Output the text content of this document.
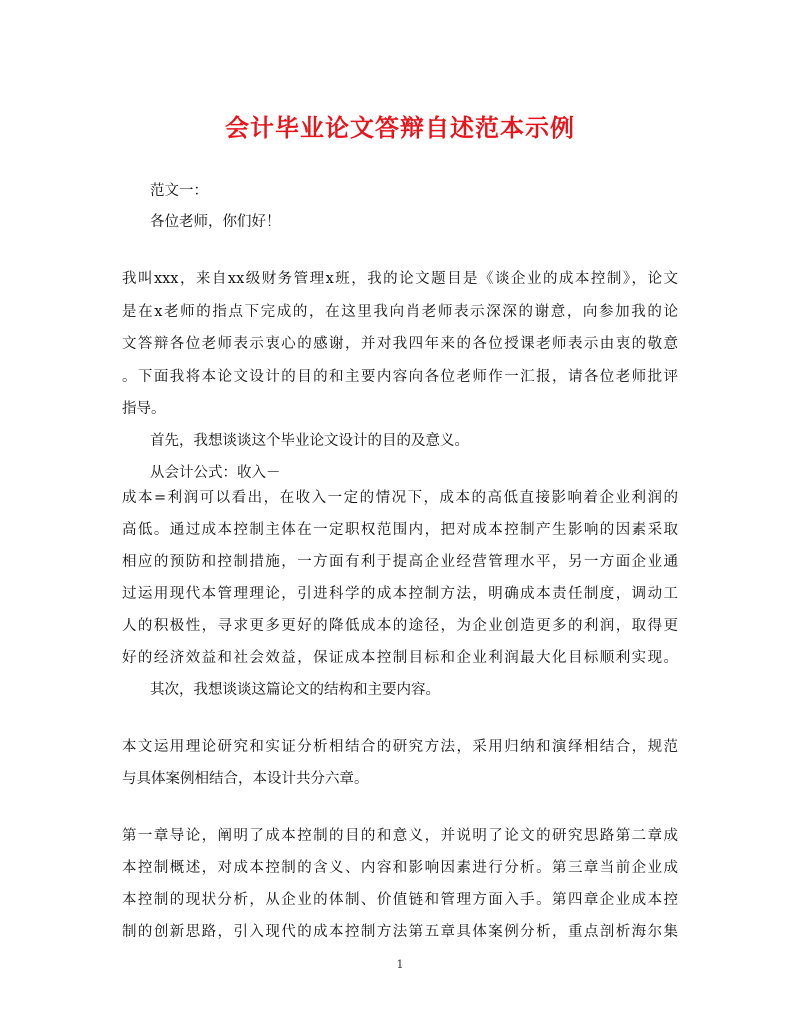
会计毕业论文答辩自述范本示例
范文一：
各位老师，你们好！
我叫xxx，来自xx级财务管理x班，我的论文题目是《谈企业的成本控制》，论文
是在x老师的指点下完成的，在这里我向肖老师表示深深的谢意，向参加我的论
文答辩各位老师表示衷心的感谢，并对我四年来的各位授课老师表示由衷的敬意
。下面我将本论文设计的目的和主要内容向各位老师作一汇报，请各位老师批评
指导。
首先，我想谈谈这个毕业论文设计的目的及意义。
从会计公式：收入－
成本=利润可以看出，在收入一定的情况下，成本的高低直接影响着企业利润的
高低。通过成本控制主体在一定职权范围内，把对成本控制产生影响的因素采取
相应的预防和控制措施，一方面有利于提高企业经营管理水平，另一方面企业通
过运用现代本管理理论，引进科学的成本控制方法，明确成本责任制度，调动工
人的积极性，寻求更多更好的降低成本的途径，为企业创造更多的利润，取得更
好的经济效益和社会效益，保证成本控制目标和企业利润最大化目标顺利实现。
其次，我想谈谈这篇论文的结构和主要内容。
本文运用理论研究和实证分析相结合的研究方法，采用归纳和演绎相结合，规范
与具体案例相结合，本设计共分六章。
第一章导论，阐明了成本控制的目的和意义，并说明了论文的研究思路第二章成
本控制概述，对成本控制的含义、内容和影响因素进行分析。第三章当前企业成
本控制的现状分析，从企业的体制、价值链和管理方面入手。第四章企业成本控
制的创新思路，引入现代的成本控制方法第五章具体案例分析，重点剖析海尔集
1
